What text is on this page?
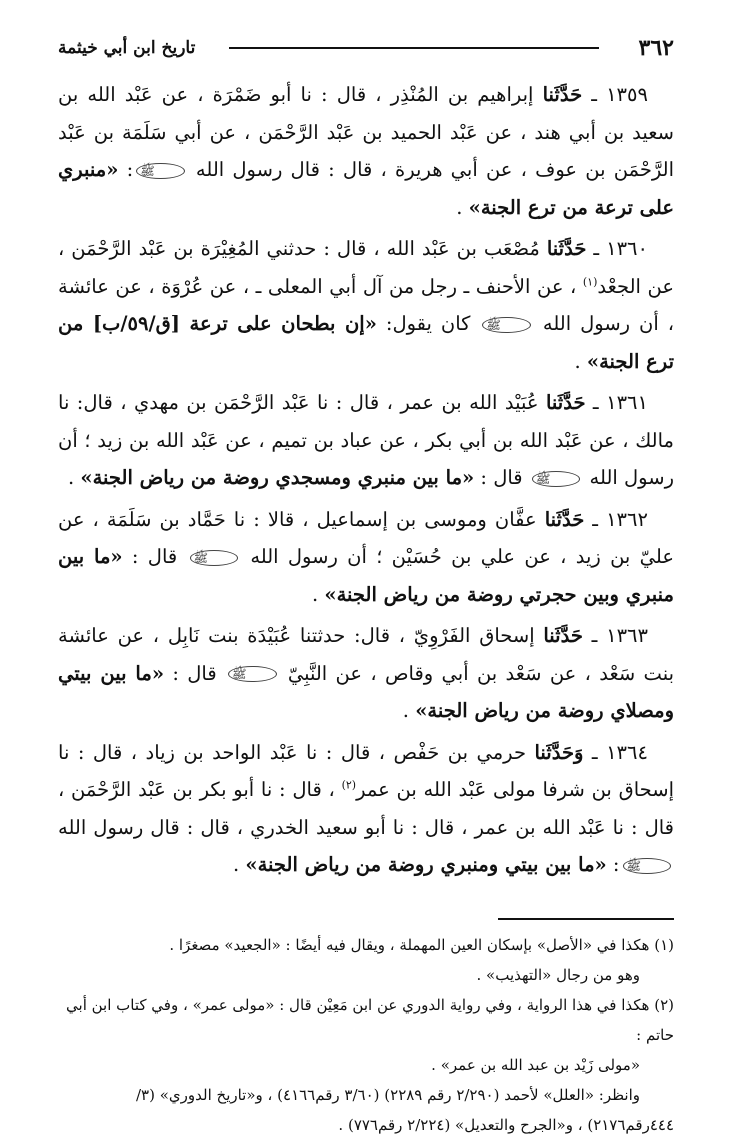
٣٦٢
تاريخ ابن أبي خيثمة

١٣٥٩ ـ حَدَّثَنا إبراهيم بن المُنْذِر ، قال : نا أبو ضَمْرَة ، عن عَبْد الله بن سعيد بن أبي هند ، عن عَبْد الحميد بن عَبْد الرَّحْمَن ، عن أبي سَلَمَة بن عَبْد الرَّحْمَن بن عوف ، عن أبي هريرة ، قال : قال رسول الله ﷺ: «منبري على ترعة من ترع الجنة» .

١٣٦٠ ـ حَدَّثَنا مُصْعَب بن عَبْد الله ، قال : حدثني المُغِيْرَة بن عَبْد الرَّحْمَن ، عن الجعْد$^{(١)}$ ، عن الأحنف ـ رجل من آل أبي المعلى ـ ، عن عُرْوَة ، عن عائشة ، أن رسول الله ﷺ كان يقول: «إن بطحان على ترعة [ق/٥٩/ب] من ترع الجنة» .

١٣٦١ ـ حَدَّثَنا عُبَيْد الله بن عمر ، قال : نا عَبْد الرَّحْمَن بن مهدي ، قال: نا مالك ، عن عَبْد الله بن أبي بكر ، عن عباد بن تميم ، عن عَبْد الله بن زيد ؛ أن رسول الله ﷺ قال : «ما بين منبري ومسجدي روضة من رياض الجنة» .

١٣٦٢ ـ حَدَّثَنا عفَّان وموسى بن إسماعيل ، قالا : نا حَمَّاد بن سَلَمَة ، عن عليّ بن زيد ، عن علي بن حُسَيْن ؛ أن رسول الله ﷺ قال : «ما بين منبري وبين حجرتي روضة من رياض الجنة» .

١٣٦٣ ـ حَدَّثَنا إسحاق الفَرْوِيّ ، قال: حدثتنا عُبَيْدَة بنت نَابِل ، عن عائشة بنت سَعْد ، عن سَعْد بن أبي وقاص ، عن النَّبِيّ ﷺ قال : «ما بين بيتي ومصلاي روضة من رياض الجنة» .

١٣٦٤ ـ وَحَدَّثَنا حرمي بن حَفْص ، قال : نا عَبْد الواحد بن زياد ، قال : نا إسحاق بن شرفا مولى عَبْد الله بن عمر$^{(٢)}$ ، قال : نا أبو بكر بن عَبْد الرَّحْمَن ، قال : نا عَبْد الله بن عمر ، قال : نا أبو سعيد الخدري ، قال : قال رسول الله ﷺ: «ما بين بيتي ومنبري روضة من رياض الجنة» .

(١) هكذا في «الأصل» بإسكان العين المهملة ، ويقال فيه أيضًا : «الجعيد» مصغرًا .

وهو من رجال «التهذيب» .

(٢) هكذا في هذا الرواية ، وفي رواية الدوري عن ابن مَعِيْن قال : «مولى عمر» ، وفي كتاب ابن أبي حاتم :

«مولى زَيْد بن عبد الله بن عمر» .

وانظر: «العلل» لأحمد (٢/٢٩٠ رقم ٢٢٨٩) (٣/٦٠ رقم٤١٦٦) ، و«تاريخ الدوري» (٣/

٤٤٤رقم٢١٧٦) ، و«الجرح والتعديل» (٢/٢٢٤ رقم٧٧٦) .
